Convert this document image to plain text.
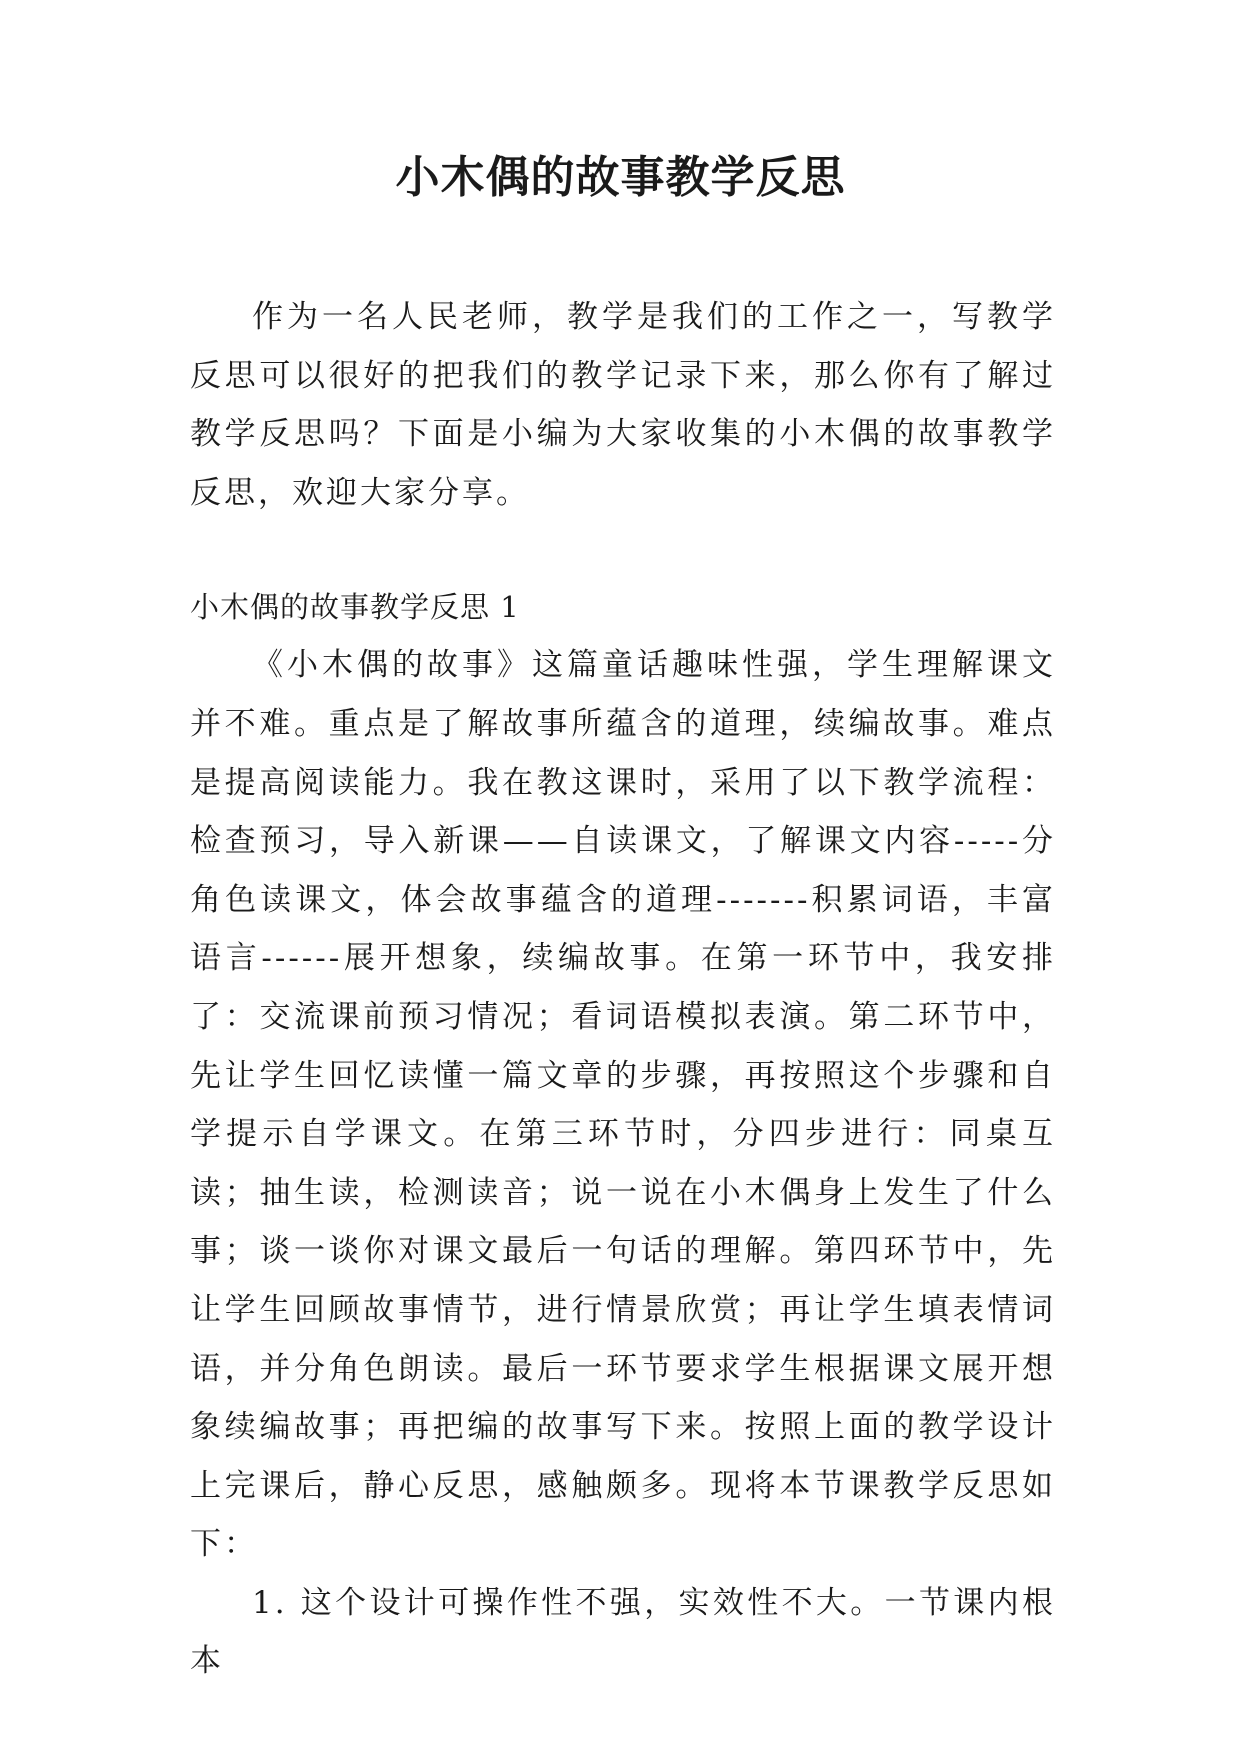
小木偶的故事教学反思

作为一名人民老师，教学是我们的工作之一，写教学反思可以很好的把我们的教学记录下来，那么你有了解过教学反思吗？下面是小编为大家收集的小木偶的故事教学反思，欢迎大家分享。

小木偶的故事教学反思 1

《小木偶的故事》这篇童话趣味性强，学生理解课文并不难。重点是了解故事所蕴含的道理，续编故事。难点是提高阅读能力。我在教这课时，采用了以下教学流程：检查预习，导入新课——自读课文，了解课文内容-----分角色读课文，体会故事蕴含的道理-------积累词语，丰富语言------展开想象，续编故事。在第一环节中，我安排了：交流课前预习情况；看词语模拟表演。第二环节中，先让学生回忆读懂一篇文章的步骤，再按照这个步骤和自学提示自学课文。在第三环节时，分四步进行：同桌互读；抽生读，检测读音；说一说在小木偶身上发生了什么事；谈一谈你对课文最后一句话的理解。第四环节中，先让学生回顾故事情节，进行情景欣赏；再让学生填表情词语，并分角色朗读。最后一环节要求学生根据课文展开想象续编故事；再把编的故事写下来。按照上面的教学设计上完课后，静心反思，感触颇多。现将本节课教学反思如下：

1. 这个设计可操作性不强，实效性不大。一节课内根本
